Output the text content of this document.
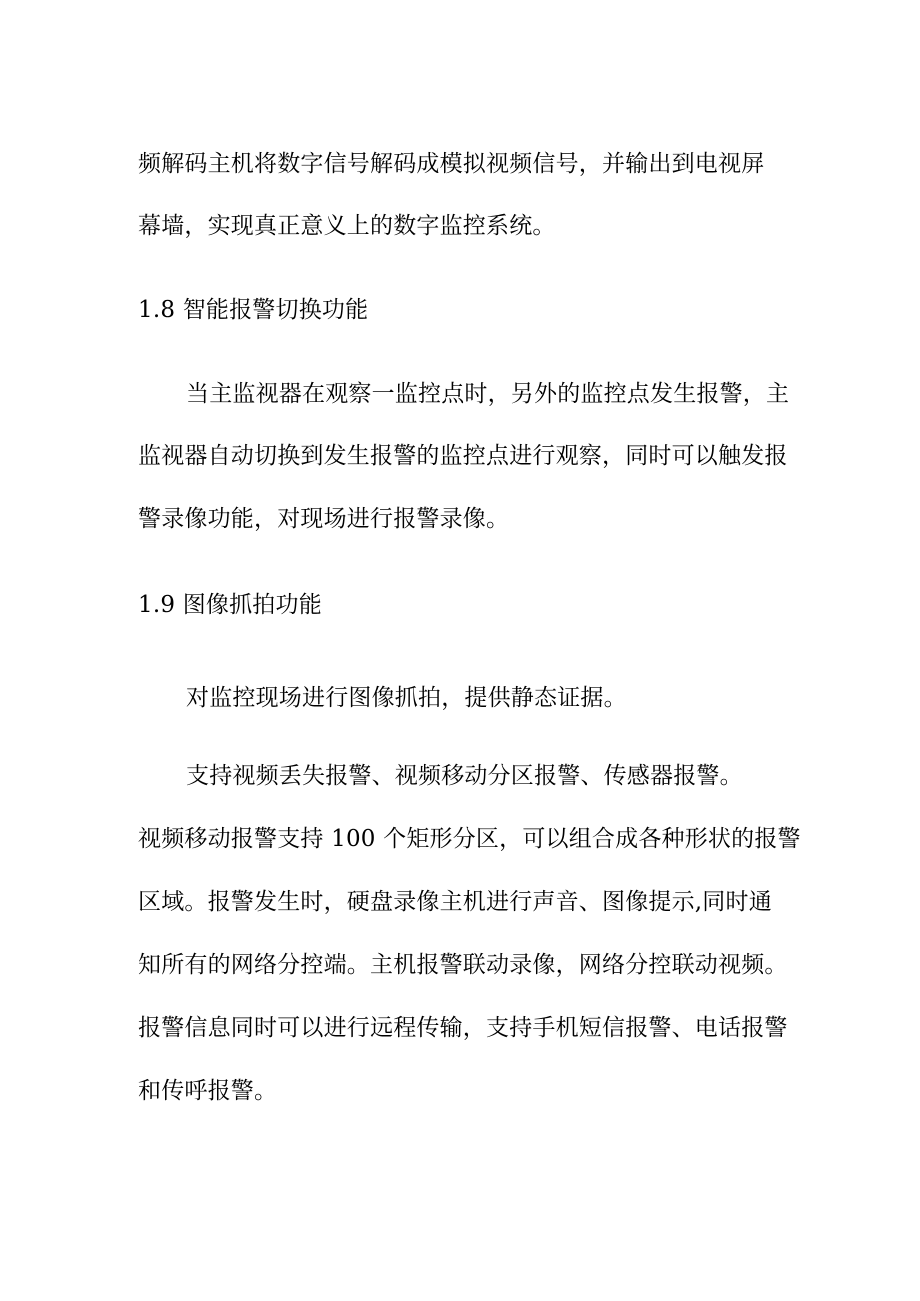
频解码主机将数字信号解码成模拟视频信号，并输出到电视屏
幕墙，实现真正意义上的数字监控系统。
1.8 智能报警切换功能
当主监视器在观察一监控点时，另外的监控点发生报警，主
监视器自动切换到发生报警的监控点进行观察，同时可以触发报
警录像功能，对现场进行报警录像。
1.9 图像抓拍功能
对监控现场进行图像抓拍，提供静态证据。
支持视频丢失报警、视频移动分区报警、传感器报警。
视频移动报警支持 100 个矩形分区，可以组合成各种形状的报警
区域。报警发生时，硬盘录像主机进行声音、图像提示,同时通
知所有的网络分控端。主机报警联动录像，网络分控联动视频。
报警信息同时可以进行远程传输，支持手机短信报警、电话报警
和传呼报警。
